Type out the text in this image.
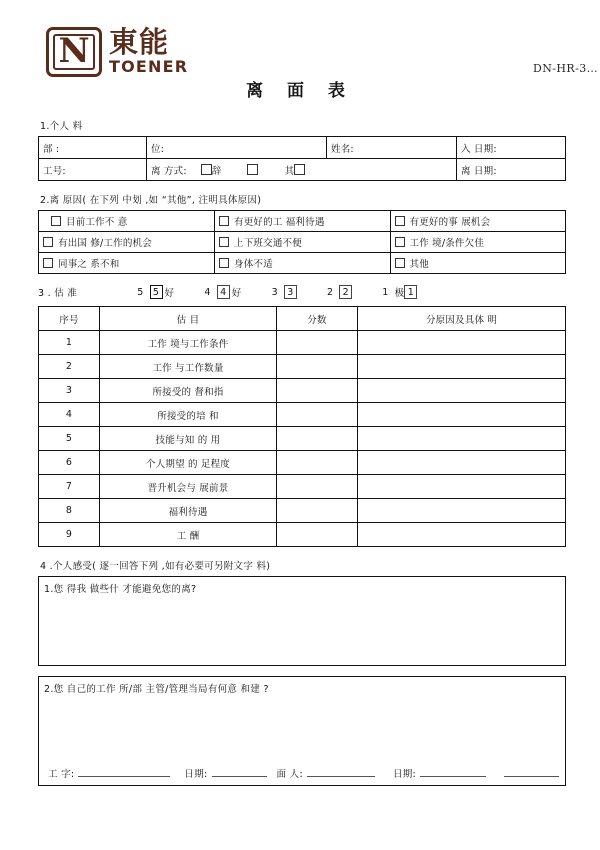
N 東能
TOENER	DN-HR-3…
离 面 表
1.个人 料
部 :	位:	姓名:	入 日期:
工号:	离 方式: 辞 其		离 日期:
2.离 原因( 在下列 中划 ,如 “其他”, 注明具体原因)
目前工作不 意	有更好的工 福利待遇	有更好的事 展机会

有出国 修/工作的机会	上下班交通不便	工作 境/条件欠佳

同事之 系不和	身体不适	其他
3 . 估 准	5 5 好	4 4 好	3 3	2 2	1 极 1
序号	估 目	分数	分原因及具体 明
1	工作 境与工作条件		
2	工作 与工作数量		
3	所接受的 督和指		
4	所接受的培 和		
5	技能与知 的 用		
6	个人期望 的 足程度		
7	晋升机会与 展前景		
8	福利待遇		
9	工 酬		
4 .个人感受( 逐一回答下列 ,如有必要可另附文字 料)
1.您 得我 做些什 才能避免您的离?
2.您 自己的工作 所/部 主管/管理当局有何意 和建 ?
工 字:	日期:	面 人:	日期:
